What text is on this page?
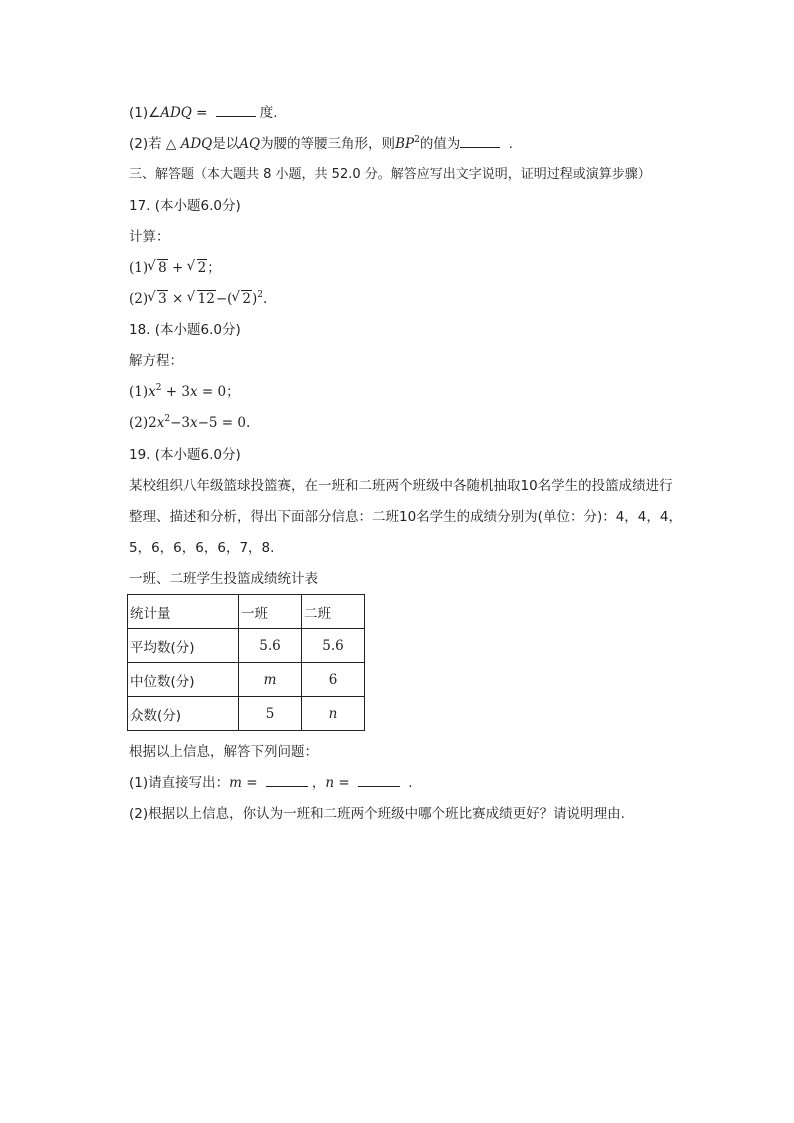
(1)∠ADQ =	度.
(2)若 △ ADQ是以AQ为腰的等腰三角形，则$BP^2$的值为	.
三、解答题（本大题共 8 小题，共 52.0 分。解答应写出文字说明，证明过程或演算步骤）
17. (本小题6.0分)
计算：
(1) √ 8 + √ 2；
(2) √ 3 × √ 12−( √ 2)$^2$.
18. (本小题6.0分)
解方程：
$(1)x^2 + 3x = 0$；
$(2)2x^2-3x-5 = 0$.
19. (本小题6.0分)
某校组织八年级篮球投篮赛，在一班和二班两个班级中各随机抽取10名学生的投篮成绩进行
整理、描述和分析，得出下面部分信息：二班10名学生的成绩分别为(单位：分)：4，4，4，
5，6，6，6，6，7，8.
一班、二班学生投篮成绩统计表
统计量	一班	二班
平均数(分)	5.6	5.6
中位数(分)	m	6
众数(分)	5	n
根据以上信息，解答下列问题：
(1)请直接写出：m =	，n =	.
(2)根据以上信息，你认为一班和二班两个班级中哪个班比赛成绩更好？请说明理由.
